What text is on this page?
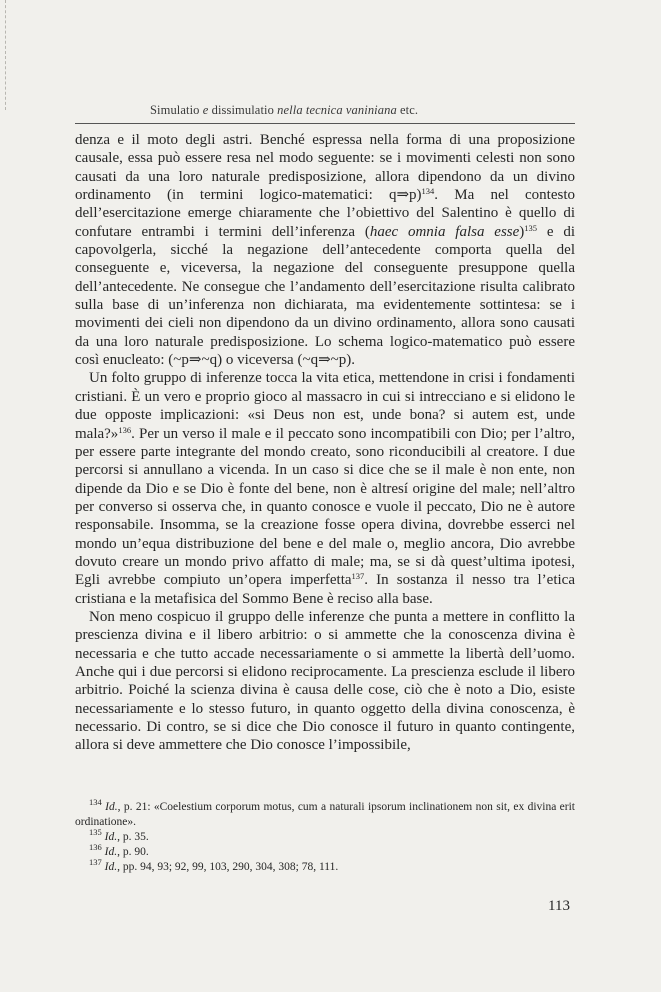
Simulatio e dissimulatio nella tecnica vaniniana etc.

denza e il moto degli astri. Benché espressa nella forma di una proposizione causale, essa può essere resa nel modo seguente: se i movimenti celesti non sono causati da una loro naturale predisposizione, allora dipendono da un divino ordinamento (in termini logico-matematici: q⇒p)$^{134}$. Ma nel contesto dell’esercitazione emerge chiaramente che l’obiettivo del Salentino è quello di confutare entrambi i termini dell’inferenza (haec omnia falsa esse)$^{135}$ e di capovolgerla, sicché la negazione dell’antecedente comporta quella del conseguente e, viceversa, la negazione del conseguente presuppone quella dell’antecedente. Ne consegue che l’andamento dell’esercitazione risulta calibrato sulla base di un’inferenza non dichiarata, ma evidentemente sottintesa: se i movimenti dei cieli non dipendono da un divino ordinamento, allora sono causati da una loro naturale predisposizione. Lo schema logico-matematico può essere così enucleato: (~p⇒~q) o viceversa (~q⇒~p).

Un folto gruppo di inferenze tocca la vita etica, mettendone in crisi i fondamenti cristiani. È un vero e proprio gioco al massacro in cui si intrecciano e si elidono le due opposte implicazioni: «si Deus non est, unde bona? si autem est, unde mala?»$^{136}$. Per un verso il male e il peccato sono incompatibili con Dio; per l’altro, per essere parte integrante del mondo creato, sono riconducibili al creatore. I due percorsi si annullano a vicenda. In un caso si dice che se il male è non ente, non dipende da Dio e se Dio è fonte del bene, non è altresí origine del male; nell’altro per converso si osserva che, in quanto conosce e vuole il peccato, Dio ne è autore responsabile. Insomma, se la creazione fosse opera divina, dovrebbe esserci nel mondo un’equa distribuzione del bene e del male o, meglio ancora, Dio avrebbe dovuto creare un mondo privo affatto di male; ma, se si dà quest’ultima ipotesi, Egli avrebbe compiuto un’opera imperfetta$^{137}$. In sostanza il nesso tra l’etica cristiana e la metafisica del Sommo Bene è reciso alla base.

Non meno cospicuo il gruppo delle inferenze che punta a mettere in conflitto la prescienza divina e il libero arbitrio: o si ammette che la conoscenza divina è necessaria e che tutto accade necessariamente o si ammette la libertà dell’uomo. Anche qui i due percorsi si elidono reciprocamente. La prescienza esclude il libero arbitrio. Poiché la scienza divina è causa delle cose, ciò che è noto a Dio, esiste necessariamente e lo stesso futuro, in quanto oggetto della divina conoscenza, è necessario. Di contro, se si dice che Dio conosce il futuro in quanto contingente, allora si deve ammettere che Dio conosce l’impossibile,

$^{134}$ Id., p. 21: «Coelestium corporum motus, cum a naturali ipsorum inclinationem non sit, ex divina erit ordinatione».

$^{135}$ Id., p. 35.

$^{136}$ Id., p. 90.

$^{137}$ Id., pp. 94, 93; 92, 99, 103, 290, 304, 308; 78, 111.

113
